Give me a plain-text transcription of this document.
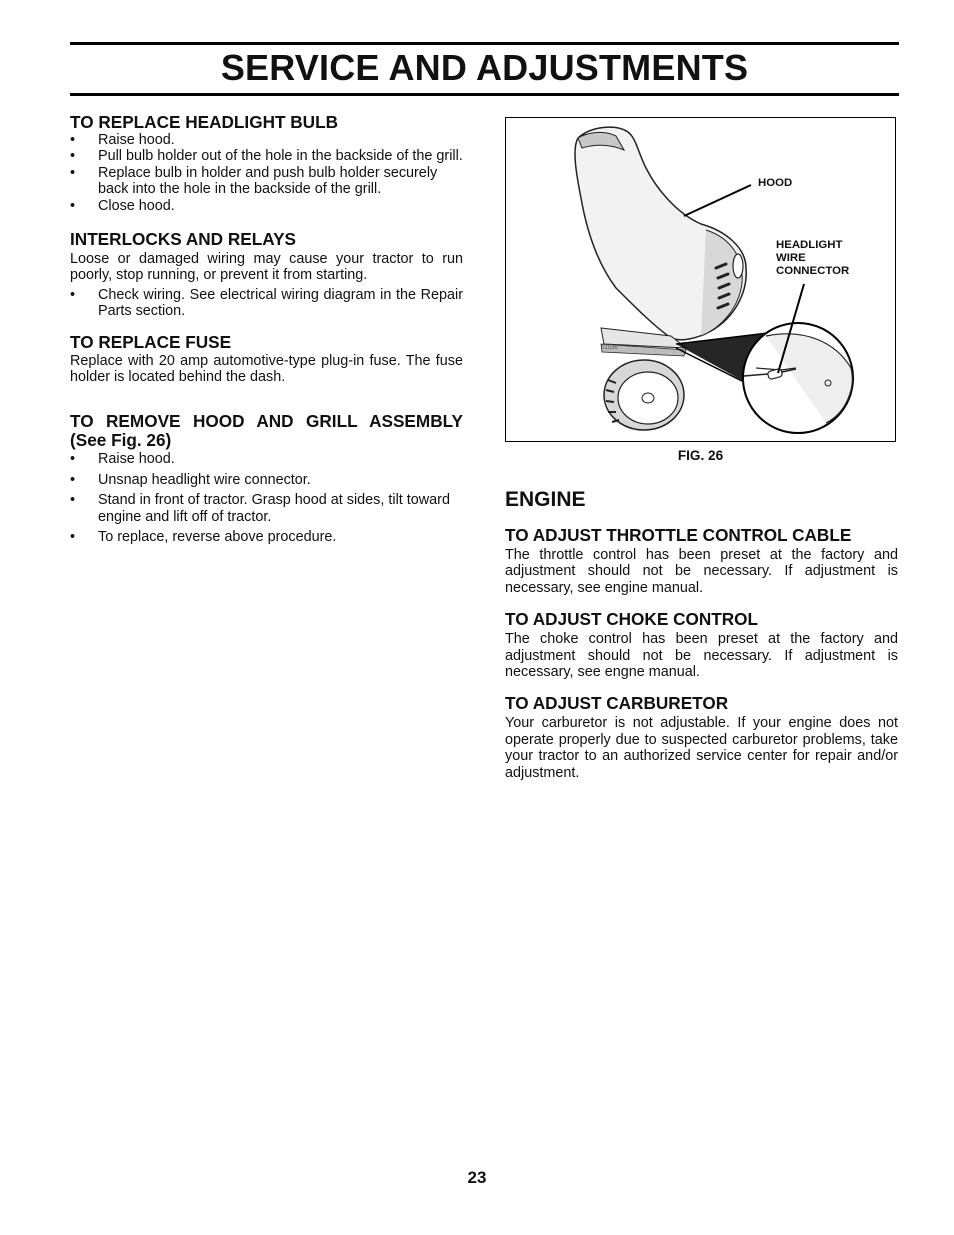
SERVICE AND ADJUSTMENTS
TO REPLACE HEADLIGHT BULB
• Raise hood.
• Pull bulb holder out of the hole in the backside of the grill.
• Replace bulb in holder and push bulb holder securely back into the hole in the backside of the grill.
• Close hood.
INTERLOCKS AND RELAYS

Loose or damaged wiring may cause your tractor to run poorly, stop running, or prevent it from starting.

• Check wiring. See electrical wiring diagram in the Repair Parts section.
TO REPLACE FUSE

Replace with 20 amp automotive-type plug-in fuse. The fuse holder is located behind the dash.

TO REMOVE HOOD AND GRILL ASSEMBLY (See Fig. 26)
• Raise hood.
• Unsnap headlight wire connector.
• Stand in front of tractor. Grasp hood at sides, tilt toward engine and lift off of tractor.
• To replace, reverse above procedure.
HOOD
HEADLIGHT
WIRE
CONNECTOR
01536
FIG. 26
ENGINE
TO ADJUST THROTTLE CONTROL CABLE

The throttle control has been preset at the factory and adjustment should not be necessary. If adjustment is necessary, see engine manual.

TO ADJUST CHOKE CONTROL

The choke control has been preset at the factory and adjustment should not be necessary. If adjustment is necessary, see engne manual.

TO ADJUST CARBURETOR

Your carburetor is not adjustable. If your engine does not operate properly due to suspected carburetor problems, take your tractor to an authorized service center for repair and/or adjustment.

23
